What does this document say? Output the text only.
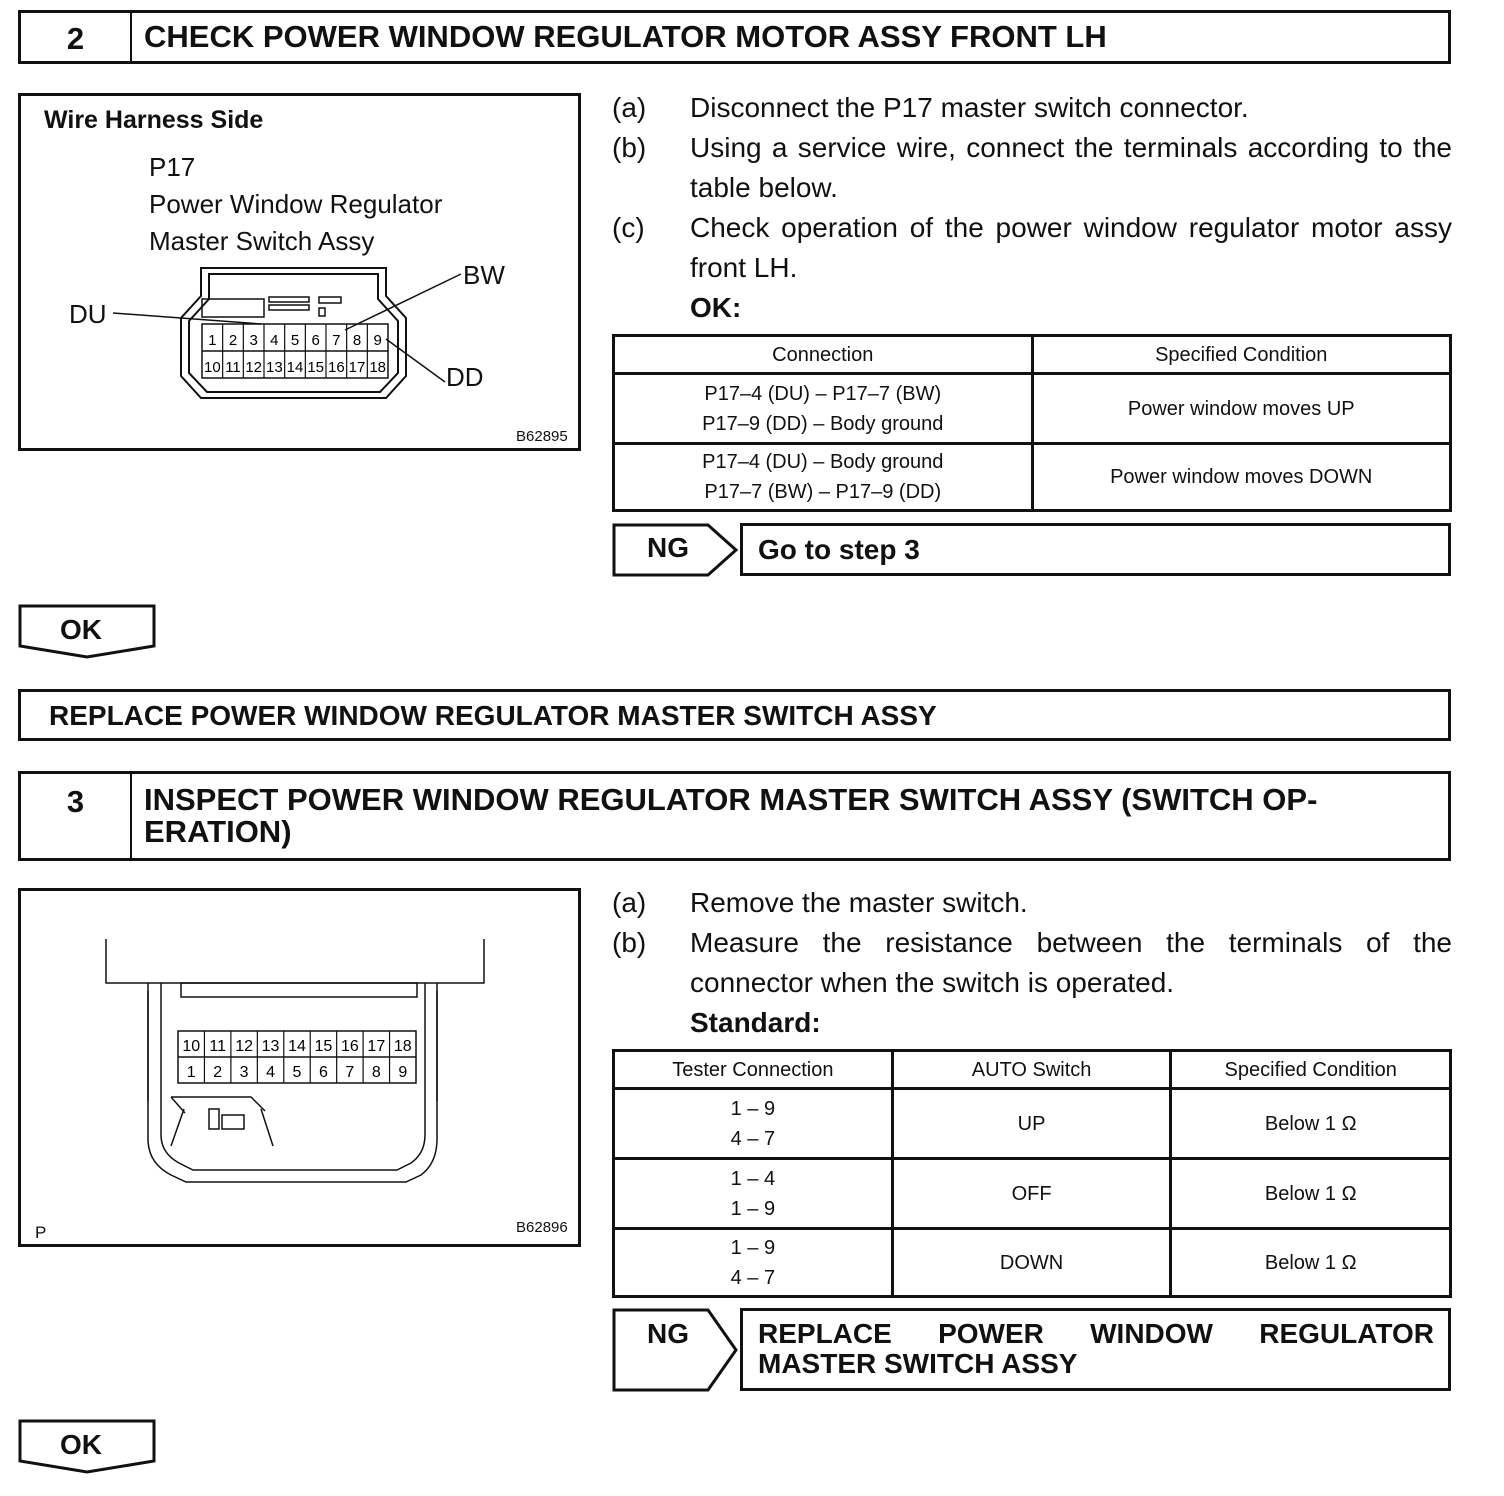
2	CHECK POWER WINDOW REGULATOR MOTOR ASSY FRONT LH
Wire Harness Side
P17
Power Window Regulator
Master Switch Assy
DU
BW
DD
B62895
1 2 3 4 5 6 7 8 9
10 11 12 13 14 15 16 17 18
(a)	Disconnect the P17 master switch connector.
(b)	Using a service wire, connect the terminals according to the table below.
(c)	Check operation of the power window regulator motor assy front LH.
OK:
Connection	Specified Condition

P17–4 (DU) – P17–7 (BW)
P17–9 (DD) – Body ground	Power window moves UP

P17–4 (DU) – Body ground
P17–7 (BW) – P17–9 (DD)	Power window moves DOWN
NG	Go to step 3
OK
REPLACE POWER WINDOW REGULATOR MASTER SWITCH ASSY
3	INSPECT POWER WINDOW REGULATOR MASTER SWITCH ASSY (SWITCH OP-
ERATION)
P	B62896
10 11 12 13 14 15 16 17 18
1 2 3 4 5 6 7 8 9
(a)	Remove the master switch.
(b)	Measure the resistance between the terminals of the connector when the switch is operated.
Standard:
Tester Connection	AUTO Switch	Specified Condition

1 – 9
4 – 7	UP	Below 1 Ω

1 – 4
1 – 9	OFF	Below 1 Ω

1 – 9
4 – 7	DOWN	Below 1 Ω
NG	REPLACE POWER WINDOW REGULATOR MASTER SWITCH ASSY
OK
